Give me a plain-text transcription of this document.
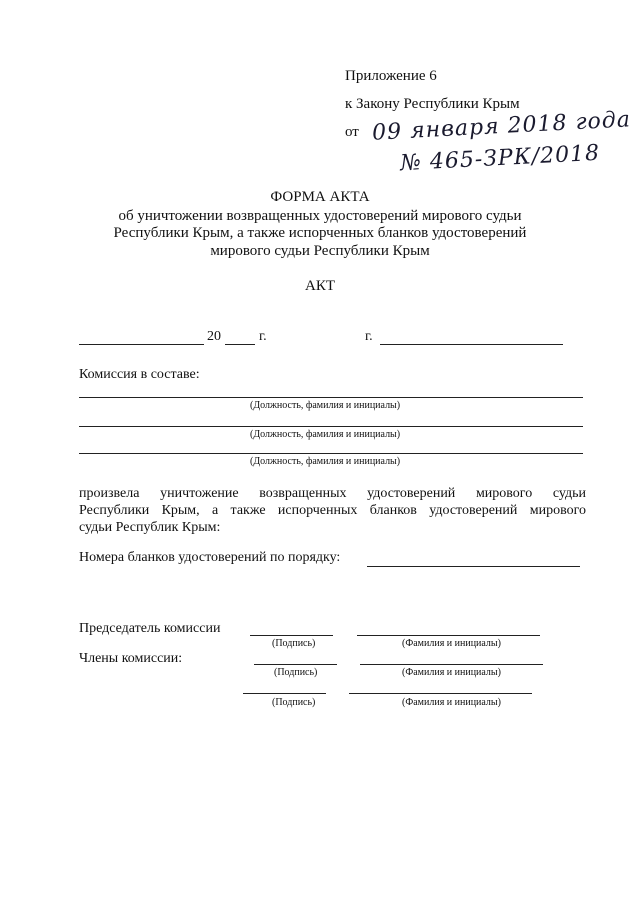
Приложение 6
к Закону Республики Крым
от 09 января 2018 года
№ 465-ЗРК/2018
ФОРМА АКТА
об уничтожении возвращенных удостоверений мирового судьи
Республики Крым, а также испорченных бланков удостоверений
мирового судьи Республики Крым
АКТ
20	г.	г.
Комиссия в составе:
(Должность, фамилия и инициалы)
(Должность, фамилия и инициалы)
(Должность, фамилия и инициалы)
произвела уничтожение возвращенных удостоверений мирового судьи
Республики Крым, а также испорченных бланков удостоверений мирового
судьи Республик Крым:
Номера бланков удостоверений по порядку:
Председатель комиссии
(Подпись)	(Фамилия и инициалы)
Члены комиссии:
(Подпись)	(Фамилия и инициалы)
(Подпись)	(Фамилия и инициалы)
